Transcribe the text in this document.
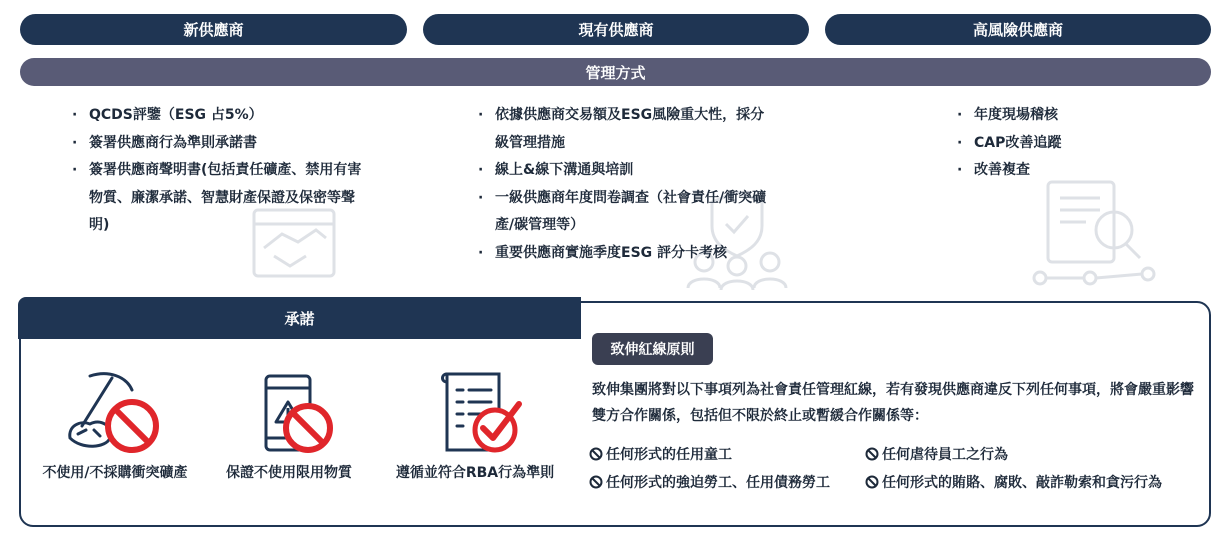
新供應商	現有供應商	高風險供應商
管理方式
· QCDS評鑒（ESG 占5%）
· 簽署供應商行為準則承諾書
· 簽署供應商聲明書(包括責任礦產、禁用有害物質、廉潔承諾、智慧財產保證及保密等聲明)
· 依據供應商交易額及ESG風險重大性，採分級管理措施
· 線上&線下溝通與培訓
· 一級供應商年度問卷調查（社會責任/衝突礦產/碳管理等）
· 重要供應商實施季度ESG 評分卡考核
· 年度現場稽核
· CAP改善追蹤
· 改善複查
承諾
不使用/不採購衝突礦產	保證不使用限用物質	遵循並符合RBA行為準則
致伸紅線原則
致伸集團將對以下事項列為社會責任管理紅線，若有發現供應商違反下列任何事項，將會嚴重影響雙方合作關係，包括但不限於終止或暫緩合作關係等：
任何形式的任用童工	任何虐待員工之行為
任何形式的強迫勞工、任用債務勞工	任何形式的賄賂、腐敗、敲詐勒索和貪污行為
